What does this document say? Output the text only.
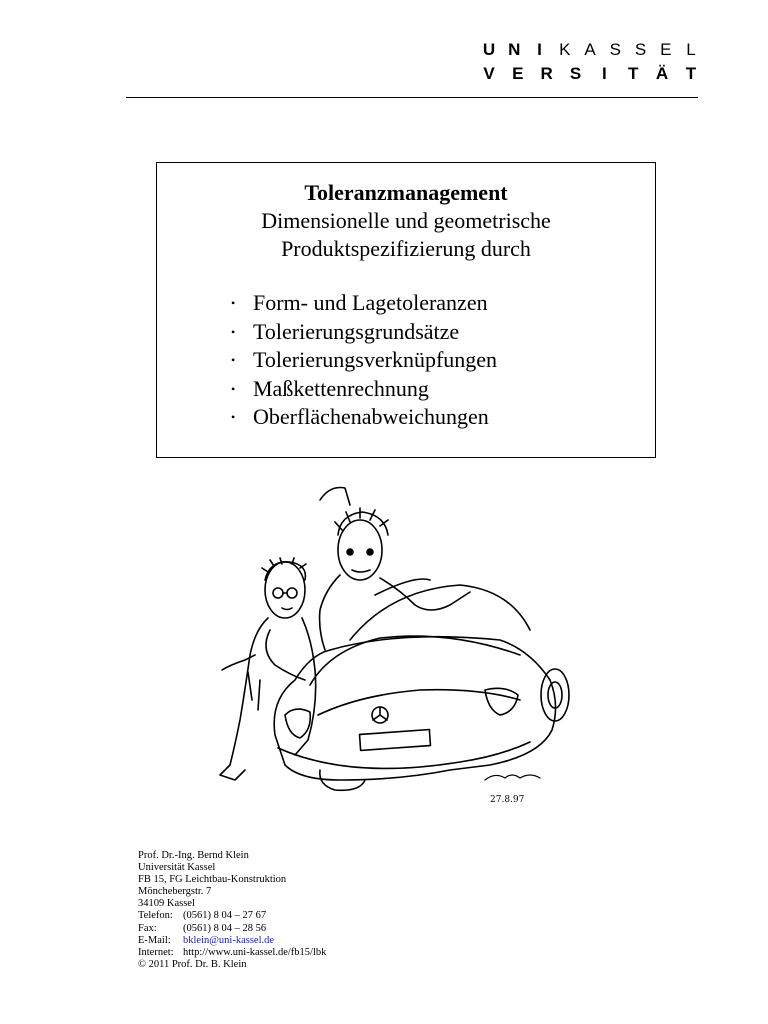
U N I	K A S S E L
V E R S	I	T Ä T
Toleranzmanagement
Dimensionelle und geometrische
Produktspezifizierung durch
• Form- und Lagetoleranzen
• Tolerierungsgrundsätze
• Tolerierungsverknüpfungen
• Maßkettenrechnung
• Oberflächenabweichungen
27.8.97
Prof. Dr.-Ing. Bernd Klein
Universität Kassel
FB 15, FG Leichtbau-Konstruktion
Mönchebergstr. 7
34109 Kassel
Telefon: (0561) 8 04 – 27 67
Fax:	(0561) 8 04 – 28 56
E-Mail: bklein@uni-kassel.de
Internet: http://www.uni-kassel.de/fb15/lbk
© 2011 Prof. Dr. B. Klein
